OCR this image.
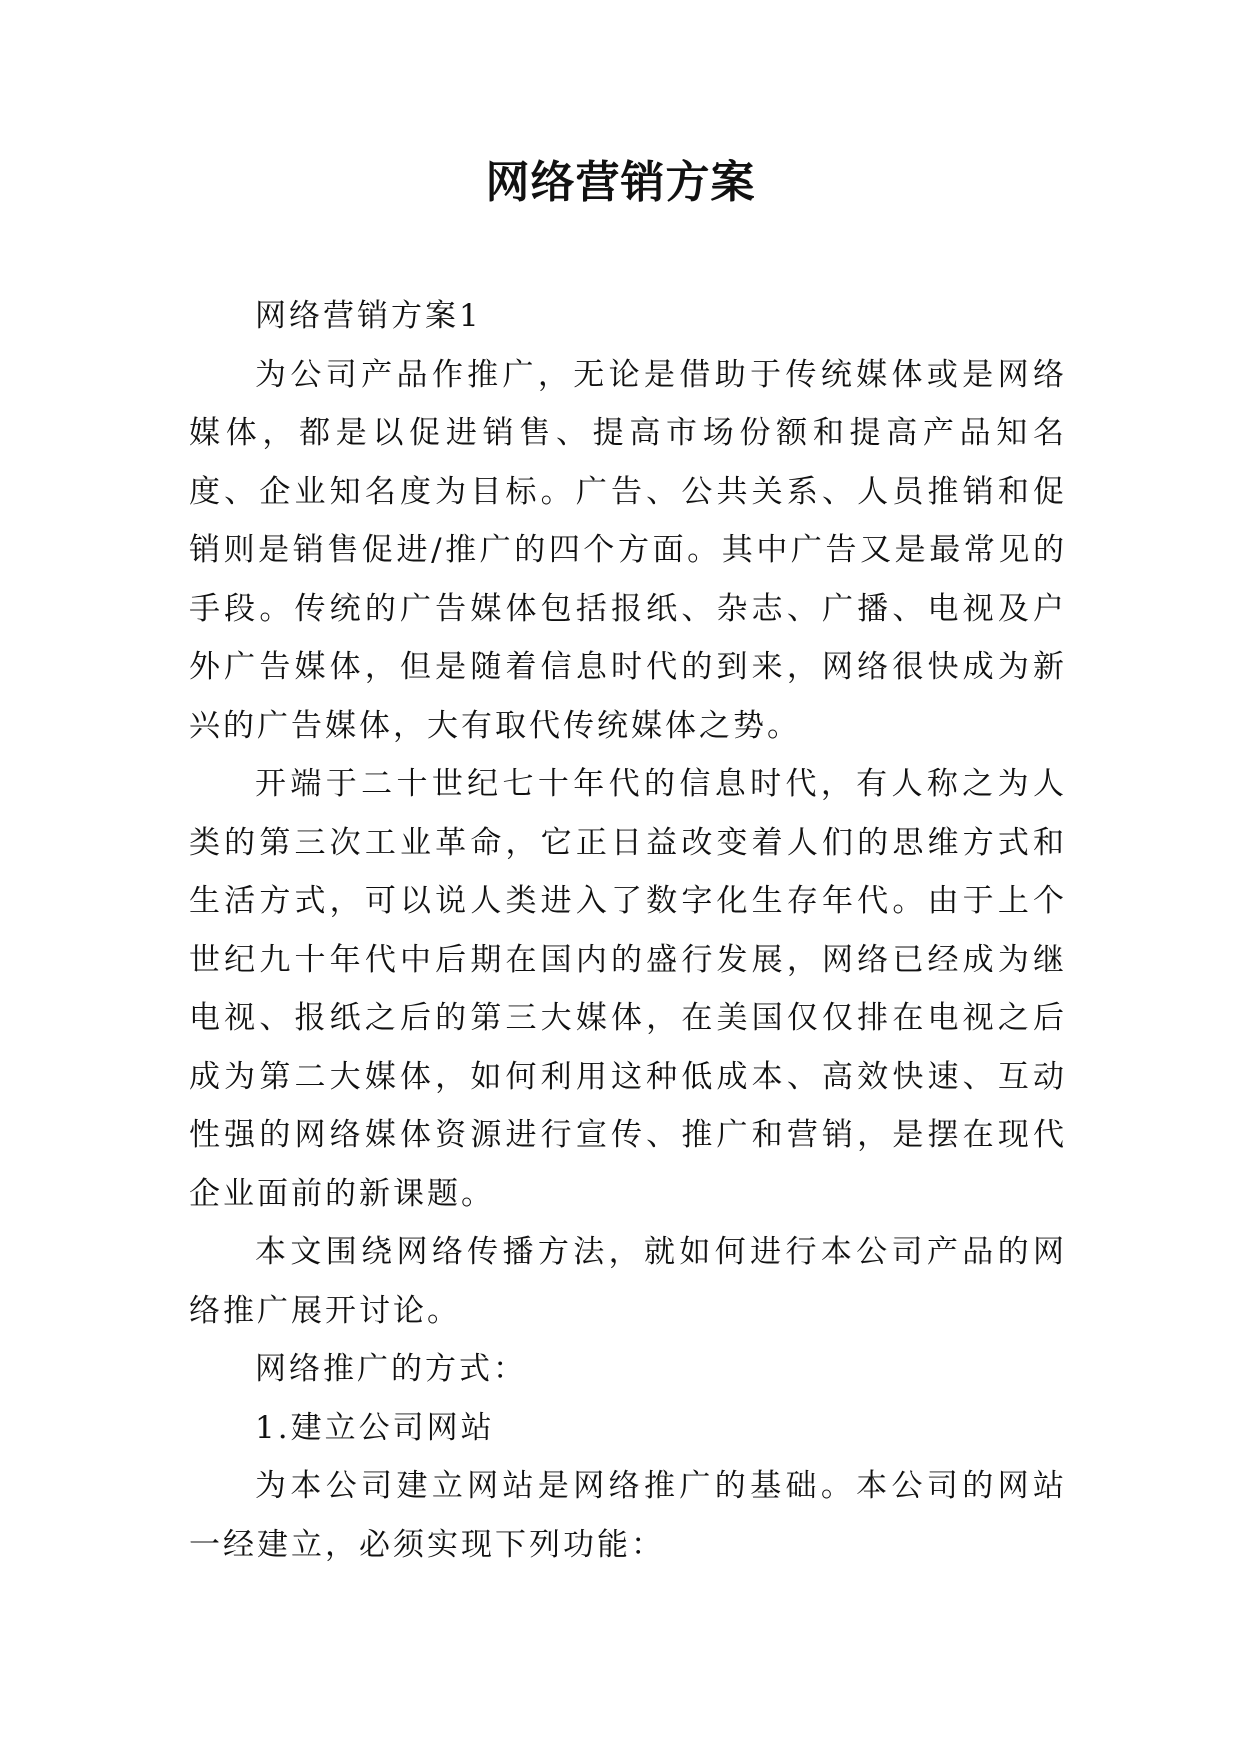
网络营销方案

网络营销方案1

为公司产品作推广，无论是借助于传统媒体或是网络媒体，都是以促进销售、提高市场份额和提高产品知名度、企业知名度为目标。广告、公共关系、人员推销和促销则是销售促进/推广的四个方面。其中广告又是最常见的手段。传统的广告媒体包括报纸、杂志、广播、电视及户外广告媒体，但是随着信息时代的到来，网络很快成为新兴的广告媒体，大有取代传统媒体之势。

开端于二十世纪七十年代的信息时代，有人称之为人类的第三次工业革命，它正日益改变着人们的思维方式和生活方式，可以说人类进入了数字化生存年代。由于上个世纪九十年代中后期在国内的盛行发展，网络已经成为继电视、报纸之后的第三大媒体，在美国仅仅排在电视之后成为第二大媒体，如何利用这种低成本、高效快速、互动性强的网络媒体资源进行宣传、推广和营销，是摆在现代企业面前的新课题。

本文围绕网络传播方法，就如何进行本公司产品的网络推广展开讨论。

网络推广的方式：

1.建立公司网站

为本公司建立网站是网络推广的基础。本公司的网站一经建立，必须实现下列功能：
